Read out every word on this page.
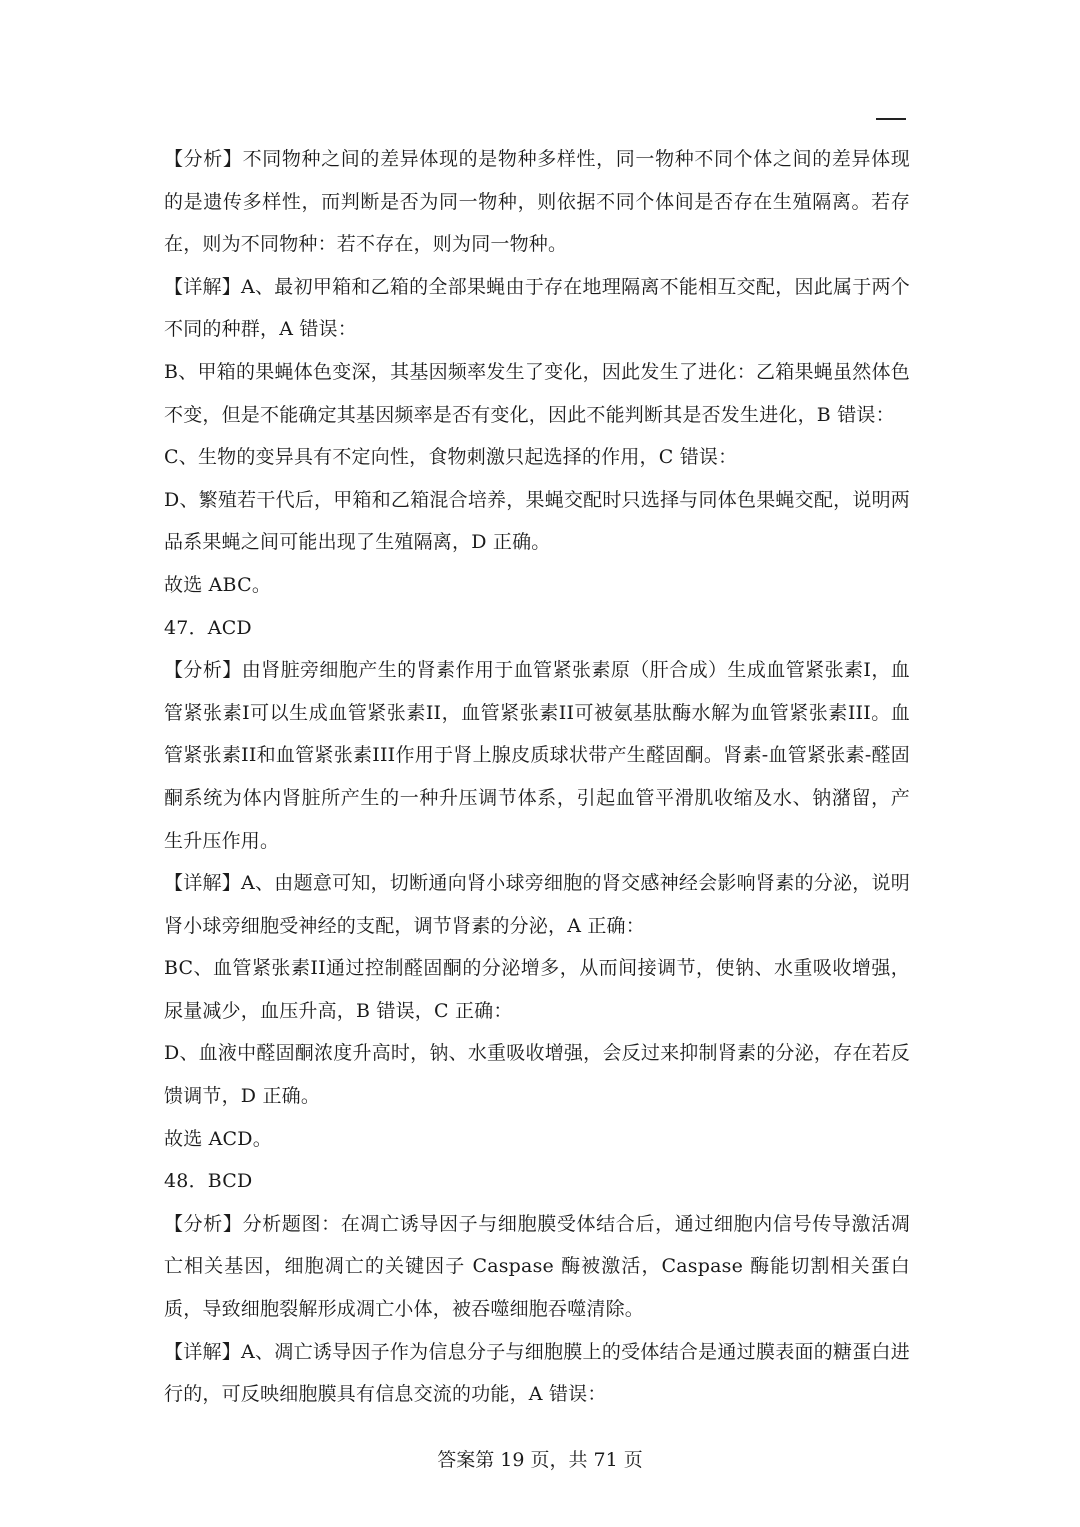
【分析】不同物种之间的差异体现的是物种多样性，同一物种不同个体之间的差异体现的是遗传多样性，而判断是否为同一物种，则依据不同个体间是否存在生殖隔离。若存在，则为不同物种：若不存在，则为同一物种。

【详解】A、最初甲箱和乙箱的全部果蝇由于存在地理隔离不能相互交配，因此属于两个不同的种群，A 错误：

B、甲箱的果蝇体色变深，其基因频率发生了变化，因此发生了进化：乙箱果蝇虽然体色不变，但是不能确定其基因频率是否有变化，因此不能判断其是否发生进化，B 错误：

C、生物的变异具有不定向性，食物刺激只起选择的作用，C 错误：

D、繁殖若干代后，甲箱和乙箱混合培养，果蝇交配时只选择与同体色果蝇交配，说明两品系果蝇之间可能出现了生殖隔离，D 正确。

故选 ABC。

47．ACD

【分析】由肾脏旁细胞产生的肾素作用于血管紧张素原（肝合成）生成血管紧张素I，血管紧张素I可以生成血管紧张素II，血管紧张素II可被氨基肽酶水解为血管紧张素III。血管紧张素II和血管紧张素III作用于肾上腺皮质球状带产生醛固酮。肾素-血管紧张素-醛固酮系统为体内肾脏所产生的一种升压调节体系，引起血管平滑肌收缩及水、钠潴留，产生升压作用。

【详解】A、由题意可知，切断通向肾小球旁细胞的肾交感神经会影响肾素的分泌，说明肾小球旁细胞受神经的支配，调节肾素的分泌，A 正确：

BC、血管紧张素II通过控制醛固酮的分泌增多，从而间接调节，使钠、水重吸收增强，尿量减少，血压升高，B 错误，C 正确：

D、血液中醛固酮浓度升高时，钠、水重吸收增强，会反过来抑制肾素的分泌，存在若反馈调节，D 正确。

故选 ACD。

48．BCD

【分析】分析题图：在凋亡诱导因子与细胞膜受体结合后，通过细胞内信号传导激活凋亡相关基因，细胞凋亡的关键因子 Caspase 酶被激活，Caspase 酶能切割相关蛋白质，导致细胞裂解形成凋亡小体，被吞噬细胞吞噬清除。

【详解】A、凋亡诱导因子作为信息分子与细胞膜上的受体结合是通过膜表面的糖蛋白进行的，可反映细胞膜具有信息交流的功能，A 错误：

答案第 19 页，共 71 页
